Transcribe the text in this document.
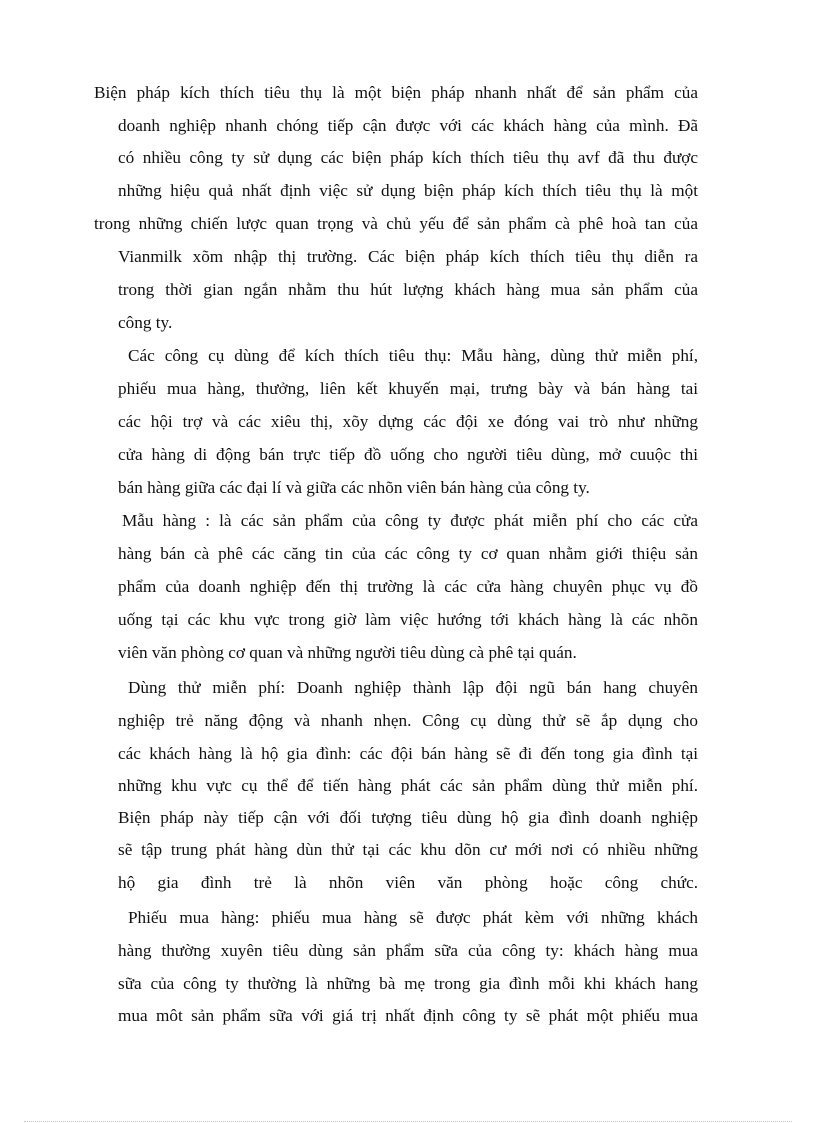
Biện pháp kích thích tiêu thụ là một biện pháp nhanh nhất để sản phẩm của
doanh nghiệp nhanh chóng tiếp cận được với các khách hàng của mình. Đã
có nhiều công ty sử dụng các biện pháp kích thích tiêu thụ avf đã thu được
những hiệu quả nhất định việc sử dụng biện pháp kích thích tiêu thụ là một
trong những chiến lược quan trọng và chủ yếu để sản phẩm cà phê hoà tan của
Vianmilk xõm nhập thị trường. Các biện pháp kích thích tiêu thụ diễn ra
trong thời gian ngắn nhằm thu hút lượng khách hàng mua sản phẩm của
công ty.
Các công cụ dùng để kích thích tiêu thụ: Mẫu hàng, dùng thử miễn phí,
phiếu mua hàng, thưởng, liên kết khuyến mại, trưng bày và bán hàng tai
các hội trợ và các xiêu thị, xõy dựng các đội xe đóng vai trò như những
cửa hàng di động bán trực tiếp đồ uống cho người tiêu dùng, mở cuuộc thi
bán hàng giữa các đại lí và giữa các nhõn viên bán hàng của công ty.
Mẫu hàng : là các sản phẩm của công ty được phát miễn phí cho các cửa
hàng bán cà phê các căng tin của các công ty cơ quan nhằm giới thiệu sản
phẩm của doanh nghiệp đến thị trường là các cửa hàng chuyên phục vụ đồ
uống tại các khu vực trong giờ làm việc hướng tới khách hàng là các nhõn
viên văn phòng cơ quan và những người tiêu dùng cà phê tại quán.
Dùng thử miễn phí: Doanh nghiệp thành lập đội ngũ bán hang chuyên
nghiệp trẻ năng động và nhanh nhẹn. Công cụ dùng thử sẽ ắp dụng cho
các khách hàng là hộ gia đình: các đội bán hàng sẽ đi đến tong gia đình tại
những khu vực cụ thể để tiến hàng phát các sản phẩm dùng thử miễn phí.
Biện pháp này tiếp cận với đối tượng tiêu dùng hộ gia đình doanh nghiệp
sẽ tập trung phát hàng dùn thử tại các khu dõn cư mới nơi có nhiều những
hộ gia đình trẻ là nhõn viên văn phòng hoặc công chức.
Phiếu mua hàng: phiếu mua hàng sẽ được phát kèm với những khách
hàng thường xuyên tiêu dùng sản phẩm sữa của công ty: khách hàng mua
sữa của công ty thường là những bà mẹ trong gia đình mỗi khi khách hang
mua môt sản phẩm sữa với giá trị nhất định công ty sẽ phát một phiếu mua
